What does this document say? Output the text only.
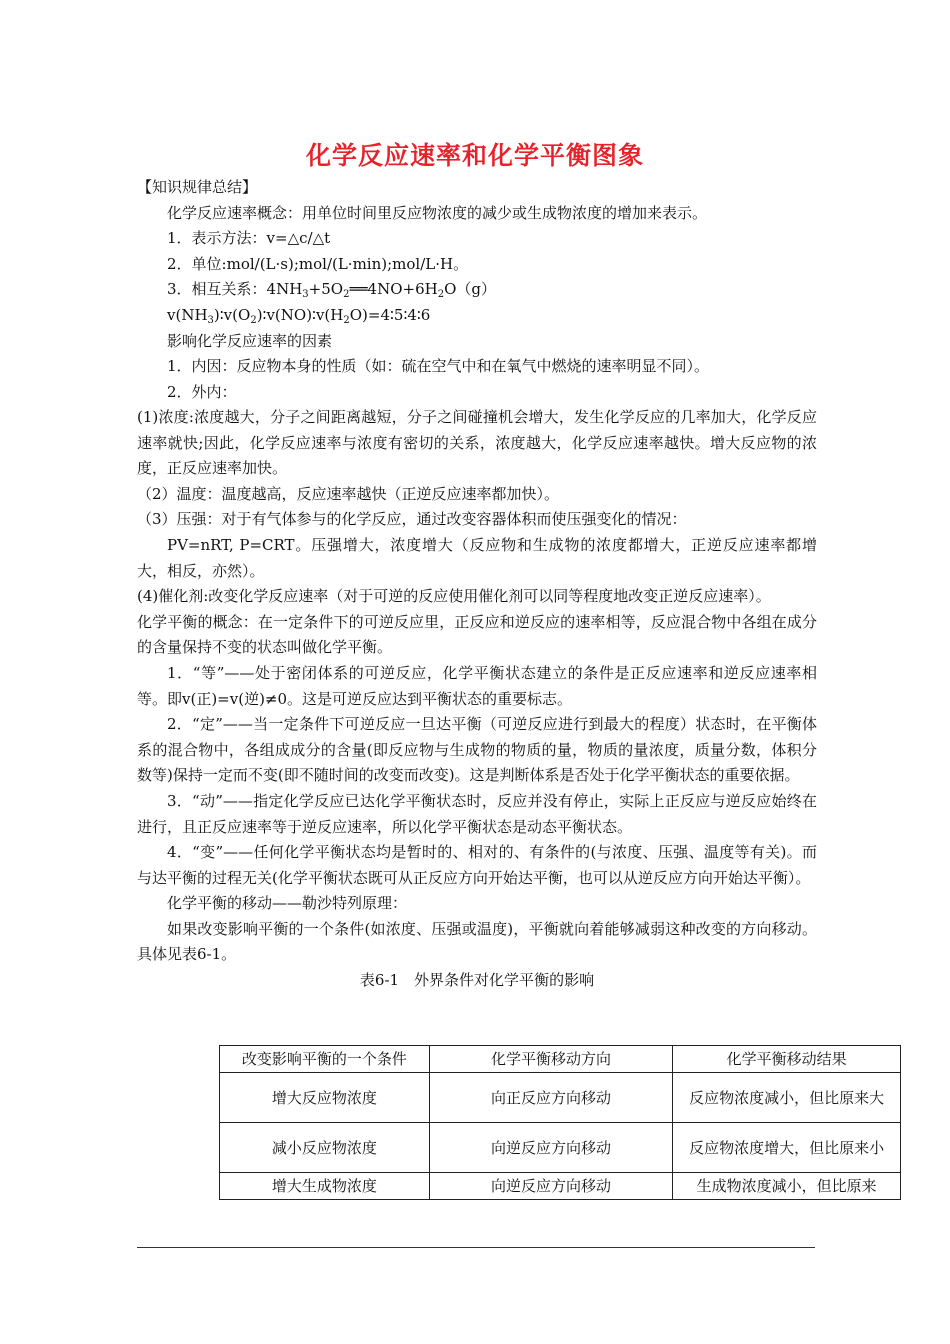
化学反应速率和化学平衡图象

【知识规律总结】

化学反应速率概念：用单位时间里反应物浓度的减少或生成物浓度的增加来表示。

1．表示方法：v=△c/△t

2．单位:mol/(L·s);mol/(L·min);mol/L·H。

3．相互关系：$4NH_3+5O_2══4NO+6H_2O(g)$

$v(NH_3)∶v(O_2)∶v(NO)∶v(H_2O)=4∶5∶4∶6$

影响化学反应速率的因素

1．内因：反应物本身的性质（如：硫在空气中和在氧气中燃烧的速率明显不同）。

2．外内：

(1)浓度:浓度越大，分子之间距离越短，分子之间碰撞机会增大，发生化学反应的几率加大，化学反应速率就快;因此，化学反应速率与浓度有密切的关系，浓度越大，化学反应速率越快。增大反应物的浓度，正反应速率加快。

（2）温度：温度越高，反应速率越快（正逆反应速率都加快）。

（3）压强：对于有气体参与的化学反应，通过改变容器体积而使压强变化的情况：

PV=nRT, P=CRT。压强增大，浓度增大（反应物和生成物的浓度都增大，正逆反应速率都增大，相反，亦然）。

(4)催化剂:改变化学反应速率（对于可逆的反应使用催化剂可以同等程度地改变正逆反应速率）。

化学平衡的概念：在一定条件下的可逆反应里，正反应和逆反应的速率相等，反应混合物中各组在成分的含量保持不变的状态叫做化学平衡。

1．“等”——处于密闭体系的可逆反应，化学平衡状态建立的条件是正反应速率和逆反应速率相等。即v(正)=v(逆)≠0。这是可逆反应达到平衡状态的重要标志。

2．“定”——当一定条件下可逆反应一旦达平衡（可逆反应进行到最大的程度）状态时，在平衡体系的混合物中，各组成成分的含量(即反应物与生成物的物质的量，物质的量浓度，质量分数，体积分数等)保持一定而不变(即不随时间的改变而改变)。这是判断体系是否处于化学平衡状态的重要依据。

3．“动”——指定化学反应已达化学平衡状态时，反应并没有停止，实际上正反应与逆反应始终在进行，且正反应速率等于逆反应速率，所以化学平衡状态是动态平衡状态。

4．“变”——任何化学平衡状态均是暂时的、相对的、有条件的(与浓度、压强、温度等有关)。而与达平衡的过程无关(化学平衡状态既可从正反应方向开始达平衡，也可以从逆反应方向开始达平衡）。

化学平衡的移动——勒沙特列原理：

如果改变影响平衡的一个条件(如浓度、压强或温度)，平衡就向着能够减弱这种改变的方向移动。具体见表6-1。

表6-1　外界条件对化学平衡的影响

改变影响平衡的一个条件	化学平衡移动方向	化学平衡移动结果
增大反应物浓度	向正反应方向移动	反应物浓度减小，但比原来大
减小反应物浓度	向逆反应方向移动	反应物浓度增大，但比原来小
增大生成物浓度	向逆反应方向移动	生成物浓度减小，但比原来
